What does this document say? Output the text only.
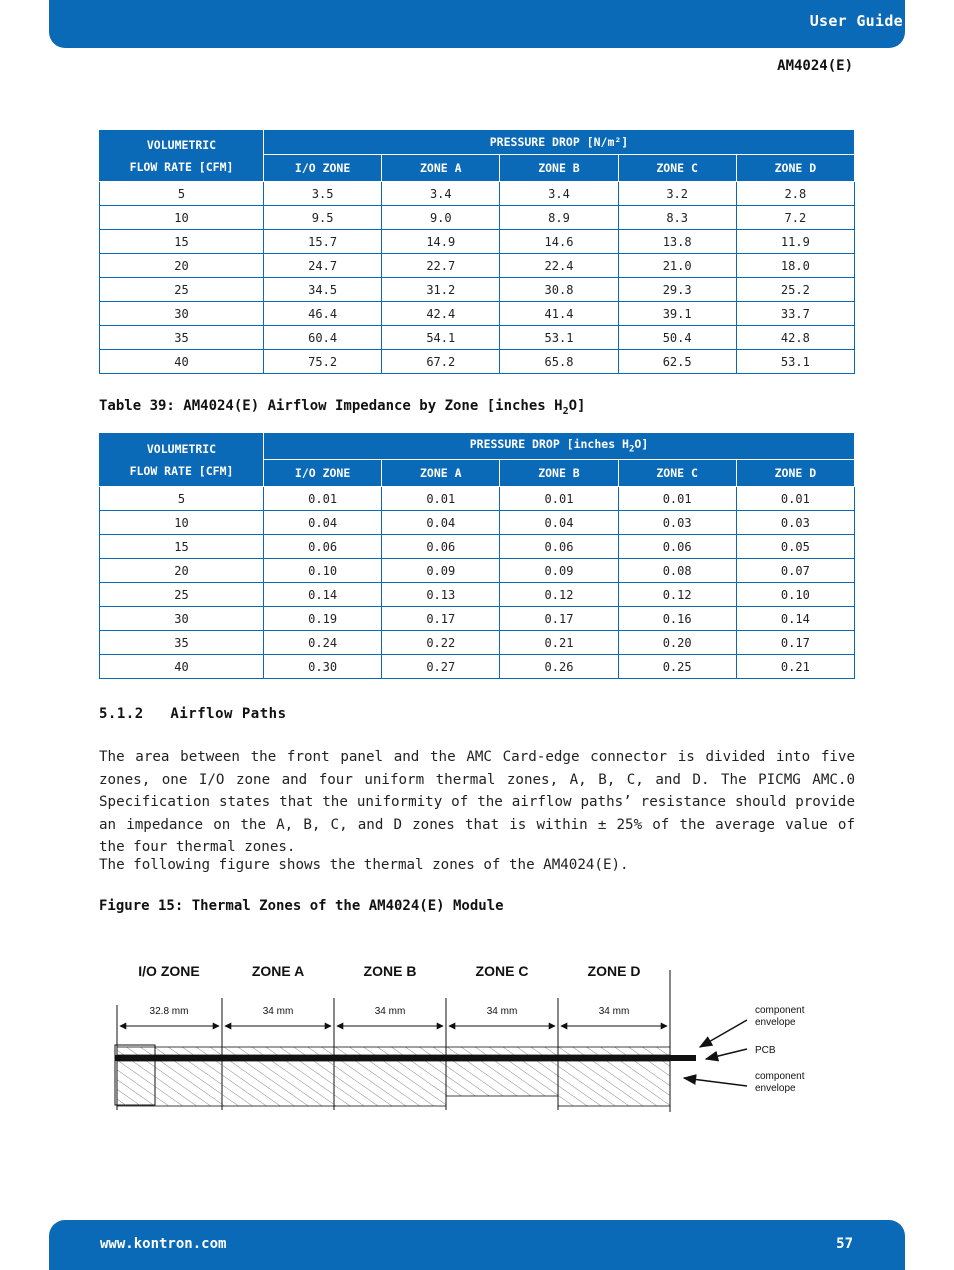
User Guide
AM4024(E)
VOLUMETRIC
FLOW RATE [CFM]	PRESSURE DROP [N/m²]				
	I/O ZONE	ZONE A	ZONE B	ZONE C	ZONE D
5	3.5	3.4	3.4	3.2	2.8
10	9.5	9.0	8.9	8.3	7.2
15	15.7	14.9	14.6	13.8	11.9
20	24.7	22.7	22.4	21.0	18.0
25	34.5	31.2	30.8	29.3	25.2
30	46.4	42.4	41.4	39.1	33.7
35	60.4	54.1	53.1	50.4	42.8
40	75.2	67.2	65.8	62.5	53.1
Table 39: AM4024(E) Airflow Impedance by Zone [inches $H_2O$]
VOLUMETRIC
FLOW RATE [CFM]	PRESSURE DROP [inches $H_2O$]				
	I/O ZONE	ZONE A	ZONE B	ZONE C	ZONE D
5	0.01	0.01	0.01	0.01	0.01
10	0.04	0.04	0.04	0.03	0.03
15	0.06	0.06	0.06	0.06	0.05
20	0.10	0.09	0.09	0.08	0.07
25	0.14	0.13	0.12	0.12	0.10
30	0.19	0.17	0.17	0.16	0.14
35	0.24	0.22	0.21	0.20	0.17
40	0.30	0.27	0.26	0.25	0.21
5.1.2   Airflow Paths

The area between the front panel and the AMC Card-edge connector is divided into five zones, one I/O zone and four uniform thermal zones, A, B, C, and D. The PICMG AMC.0 Specification states that the uniformity of the airflow paths’ resistance should provide an impedance on the A, B, C, and D zones that is within ± 25% of the average value of the four thermal zones.

The following figure shows the thermal zones of the AM4024(E).

Figure 15: Thermal Zones of the AM4024(E) Module
I/O ZONE	ZONE A	ZONE B	ZONE C	ZONE D
32.8 mm	34 mm	34 mm	34 mm	34 mm	component
envelope
PCB
component
envelope
www.kontron.com	57
